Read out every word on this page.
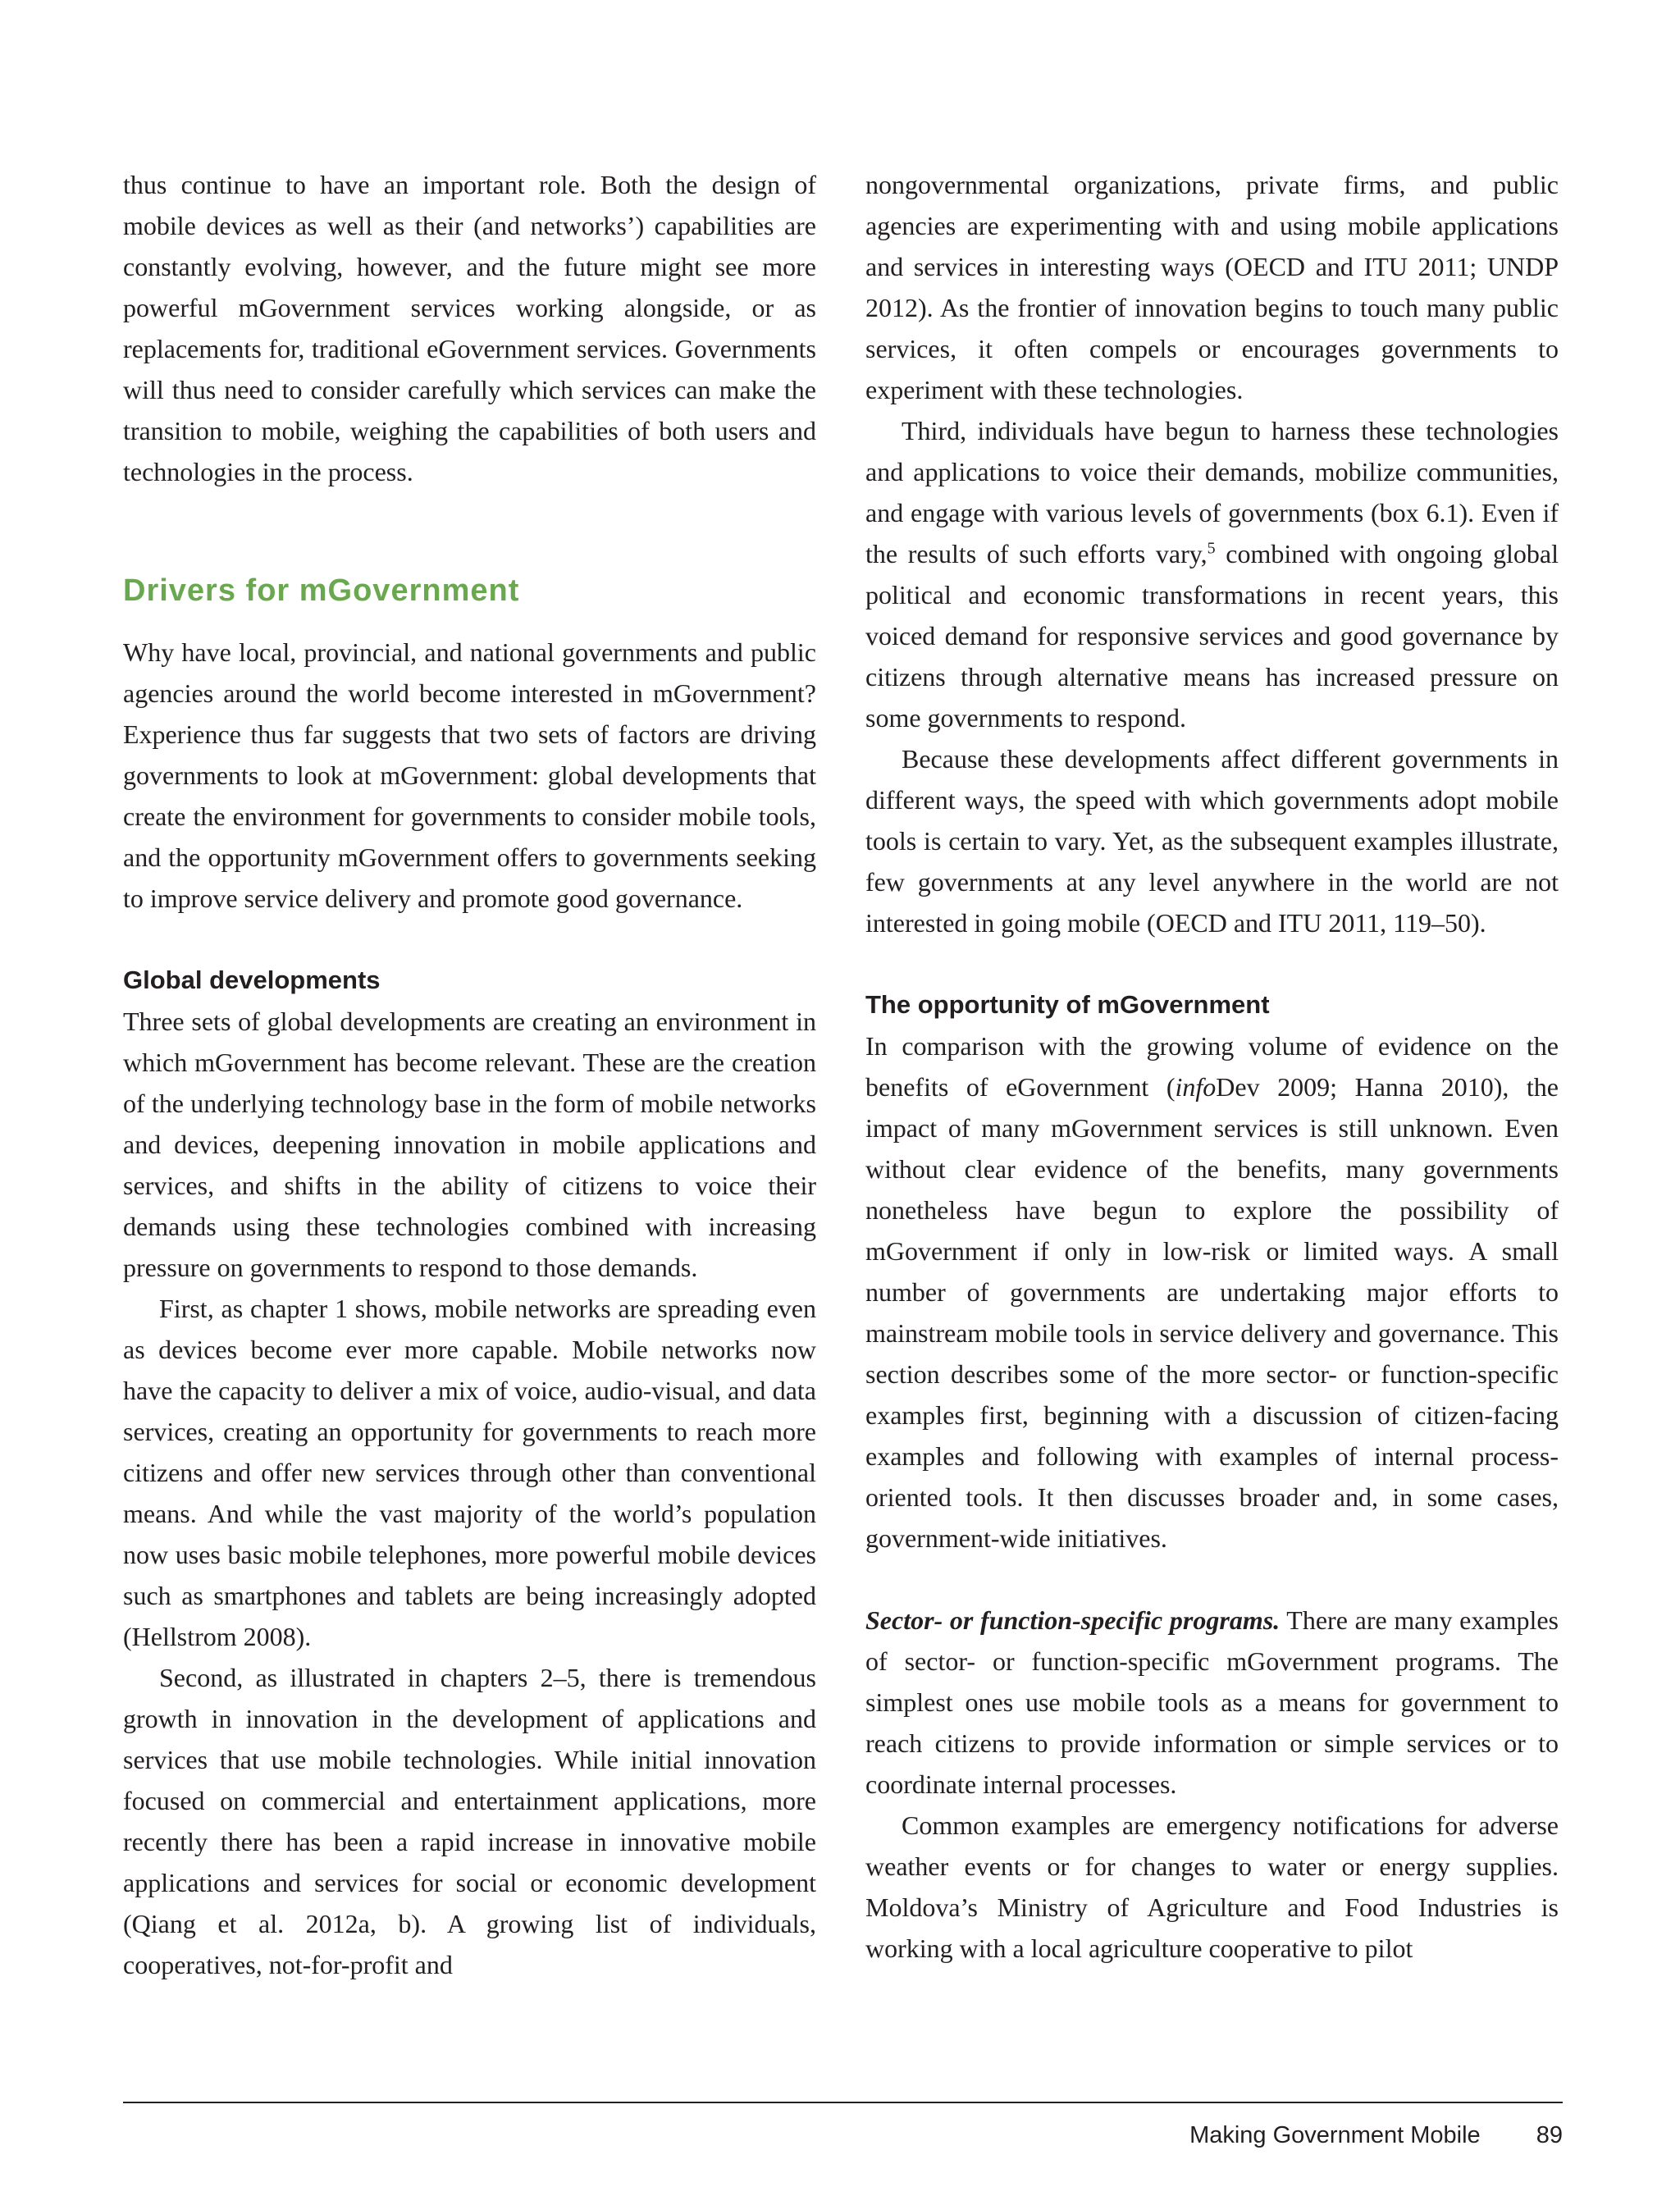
thus continue to have an important role. Both the design of mobile devices as well as their (and networks’) capabilities are constantly evolving, however, and the future might see more powerful mGovernment services working alongside, or as replacements for, traditional eGovernment services. Governments will thus need to consider carefully which services can make the transition to mobile, weighing the capabilities of both users and technologies in the process.

Drivers for mGovernment

Why have local, provincial, and national governments and public agencies around the world become interested in mGovernment? Experience thus far suggests that two sets of factors are driving governments to look at mGovernment: global developments that create the environment for governments to consider mobile tools, and the opportunity mGovernment offers to governments seeking to improve service delivery and promote good governance.

Global developments

Three sets of global developments are creating an environment in which mGovernment has become relevant. These are the creation of the underlying technology base in the form of mobile networks and devices, deepening innovation in mobile applications and services, and shifts in the ability of citizens to voice their demands using these technologies combined with increasing pressure on governments to respond to those demands.

First, as chapter 1 shows, mobile networks are spreading even as devices become ever more capable. Mobile networks now have the capacity to deliver a mix of voice, audio-visual, and data services, creating an opportunity for governments to reach more citizens and offer new services through other than conventional means. And while the vast majority of the world’s population now uses basic mobile telephones, more powerful mobile devices such as smartphones and tablets are being increasingly adopted (Hellstrom 2008).

Second, as illustrated in chapters 2–5, there is tremendous growth in innovation in the development of applications and services that use mobile technologies. While initial innovation focused on commercial and entertainment applications, more recently there has been a rapid increase in innovative mobile applications and services for social or economic development (Qiang et al. 2012a, b). A growing list of individuals, cooperatives, not-for-profit and

nongovernmental organizations, private firms, and public agencies are experimenting with and using mobile applications and services in interesting ways (OECD and ITU 2011; UNDP 2012). As the frontier of innovation begins to touch many public services, it often compels or encourages governments to experiment with these technologies.

Third, individuals have begun to harness these technologies and applications to voice their demands, mobilize communities, and engage with various levels of governments (box 6.1). Even if the results of such efforts vary,$^5$ combined with ongoing global political and economic transformations in recent years, this voiced demand for responsive services and good governance by citizens through alternative means has increased pressure on some governments to respond.

Because these developments affect different governments in different ways, the speed with which governments adopt mobile tools is certain to vary. Yet, as the subsequent examples illustrate, few governments at any level anywhere in the world are not interested in going mobile (OECD and ITU 2011, 119–50).

The opportunity of mGovernment

In comparison with the growing volume of evidence on the benefits of eGovernment (infoDev 2009; Hanna 2010), the impact of many mGovernment services is still unknown. Even without clear evidence of the benefits, many governments nonetheless have begun to explore the possibility of mGovernment if only in low-risk or limited ways. A small number of governments are undertaking major efforts to mainstream mobile tools in service delivery and governance. This section describes some of the more sector- or function-specific examples first, beginning with a discussion of citizen-facing examples and following with examples of internal process-oriented tools. It then discusses broader and, in some cases, government-wide initiatives.

Sector- or function-specific programs. There are many examples of sector- or function-specific mGovernment programs. The simplest ones use mobile tools as a means for government to reach citizens to provide information or simple services or to coordinate internal processes.

Common examples are emergency notifications for adverse weather events or for changes to water or energy supplies. Moldova’s Ministry of Agriculture and Food Industries is working with a local agriculture cooperative to pilot

Making Government Mobile 89
